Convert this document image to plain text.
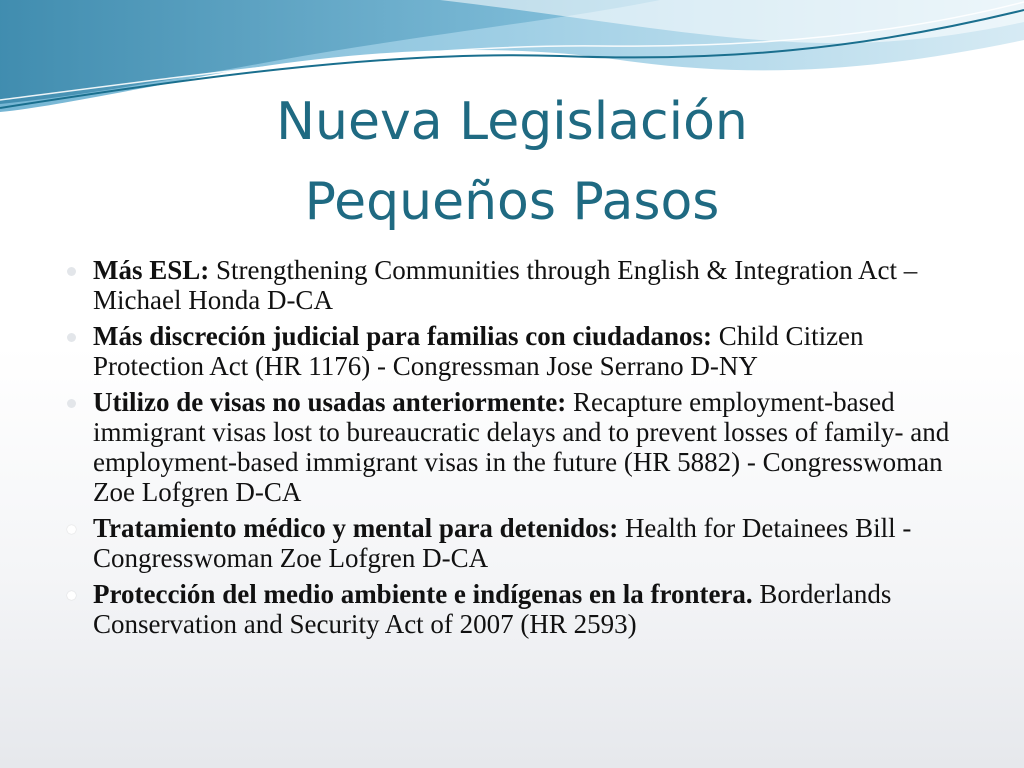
Nueva Legislación
Pequeños Pasos
Más ESL: Strengthening Communities through English & Integration Act – Michael Honda D-CA
Más discreción judicial para familias con ciudadanos: Child Citizen Protection Act (HR 1176) - Congressman Jose Serrano D-NY
Utilizo de visas no usadas anteriormente: Recapture employment-based immigrant visas lost to bureaucratic delays and to prevent losses of family- and employment-based immigrant visas in the future (HR 5882) - Congresswoman Zoe Lofgren D-CA
Tratamiento médico y mental para detenidos: Health for Detainees Bill - Congresswoman Zoe Lofgren D-CA
Protección del medio ambiente e indígenas en la frontera. Borderlands Conservation and Security Act of 2007 (HR 2593)
